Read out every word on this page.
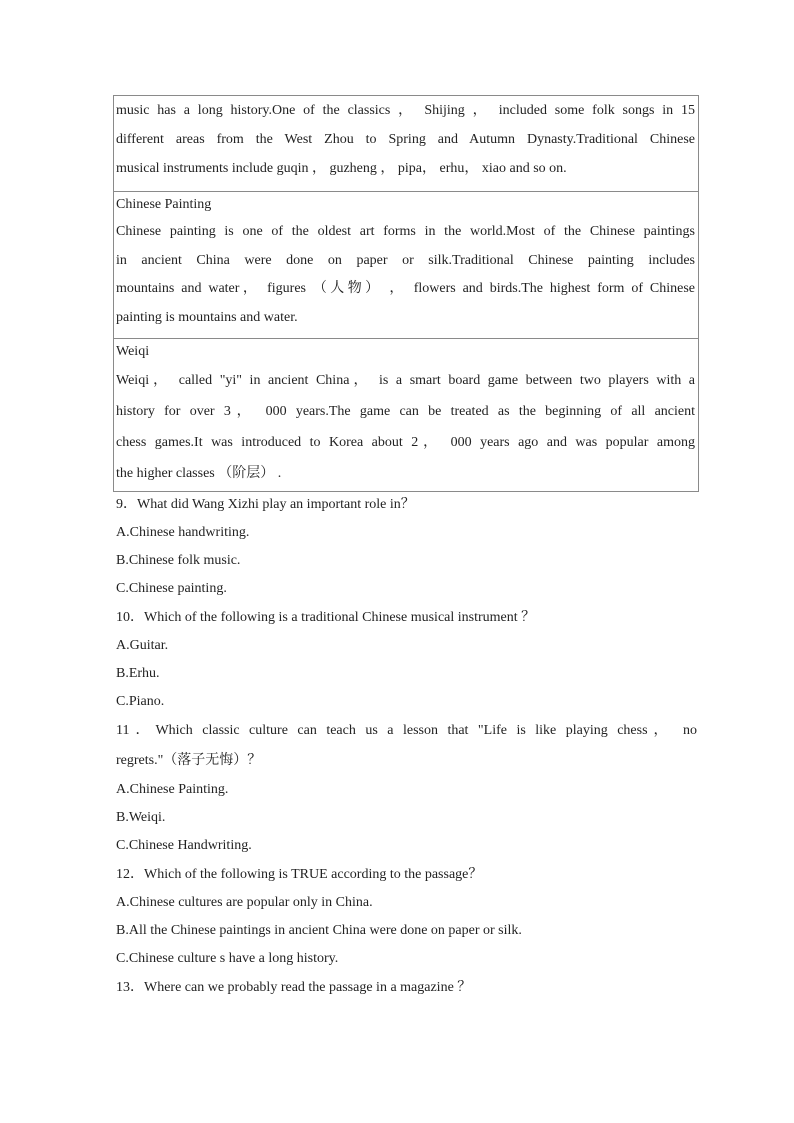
music has a long history.One of the classics ， Shijing ， included some folk songs in 15

different areas from the West Zhou to Spring and Autumn Dynasty.Traditional Chinese

musical instruments include guqin ， guzheng ， pipa， erhu， xiao and so on.

Chinese Painting

Chinese painting is one of the oldest art forms in the world.Most of the Chinese paintings

in ancient China were done on paper or silk.Traditional Chinese painting includes

mountains and water， figures （人物） ， flowers and birds.The highest form of Chinese

painting is mountains and water.

Weiqi

Weiqi， called "yi" in ancient China， is a smart board game between two players with a

history for over 3， 000 years.The game can be treated as the beginning of all ancient

chess games.It was introduced to Korea about 2， 000 years ago and was popular among

the higher classes （阶层） .

9．What did Wang Xizhi play an important role in？

A.Chinese handwriting.

B.Chinese folk music.

C.Chinese painting.

10．Which of the following is a traditional Chinese musical instrument ？

A.Guitar.

B.Erhu.

C.Piano.

11．Which classic culture can teach us a lesson that "Life is like playing chess， no

regrets."（落子无悔）？

A.Chinese Painting.

B.Weiqi.

C.Chinese Handwriting.

12．Which of the following is TRUE according to the passage？

A.Chinese cultures are popular only in China.

B.All the Chinese paintings in ancient China were done on paper or silk.

C.Chinese culture s have a long history.

13．Where can we probably read the passage in a magazine ？
